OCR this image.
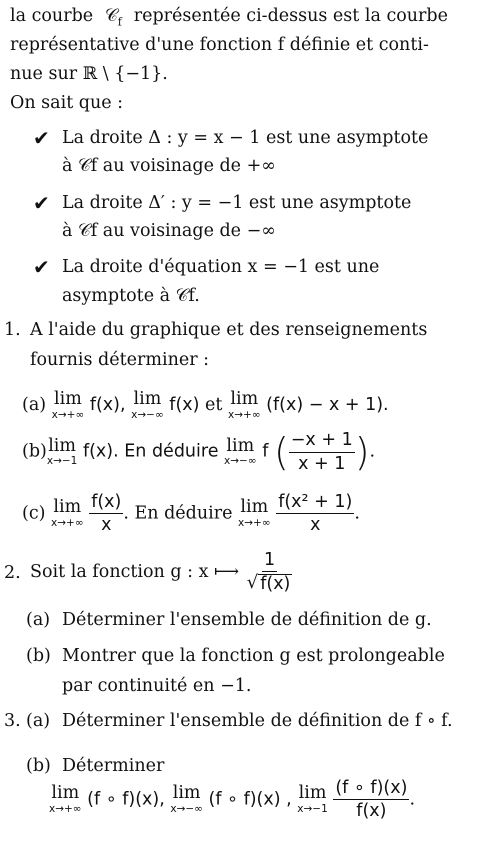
la courbe 𝒞$_f$ représentée ci-dessus est la courbe
représentative d'une fonction f définie et conti-
nue sur ℝ \ {−1}.
On sait que :
✔ La droite Δ : y = x − 1 est une asymptote
à 𝒞f au voisinage de +∞
✔ La droite Δ′ : y = −1 est une asymptote
à 𝒞f au voisinage de −∞
✔ La droite d'équation x = −1 est une
asymptote à 𝒞f.
1. A l'aide du graphique et des renseignements
fournis déterminer :
(a) lim
x→+∞ f(x), lim
x→−∞ f(x) et lim
x→+∞ (f(x) − x + 1).
(b) lim
x→−1 f(x). En déduire lim
x→−∞ f ( $\frac{-x + 1}{x + 1}$ ).
(c) lim
x→+∞
$\frac{f(x)}{x}$ . En déduire lim
x→+∞
$\frac{\text{f(x² + 1)}}{x}$ .
2. Soit la fonction g : x ⟼ $\frac{1}{√ f(x)}$
(a) Déterminer l'ensemble de définition de g.
(b) Montrer que la fonction g est prolongeable
par continuité en −1.
3. (a) Déterminer l'ensemble de définition de f ∘ f.
(b) Déterminer
lim
x→+∞ (f ∘ f)(x), lim
x→−∞ (f ∘ f)(x) , lim
x→−1
$\frac{(f \circ f)(x)}{f(x)}$ .
